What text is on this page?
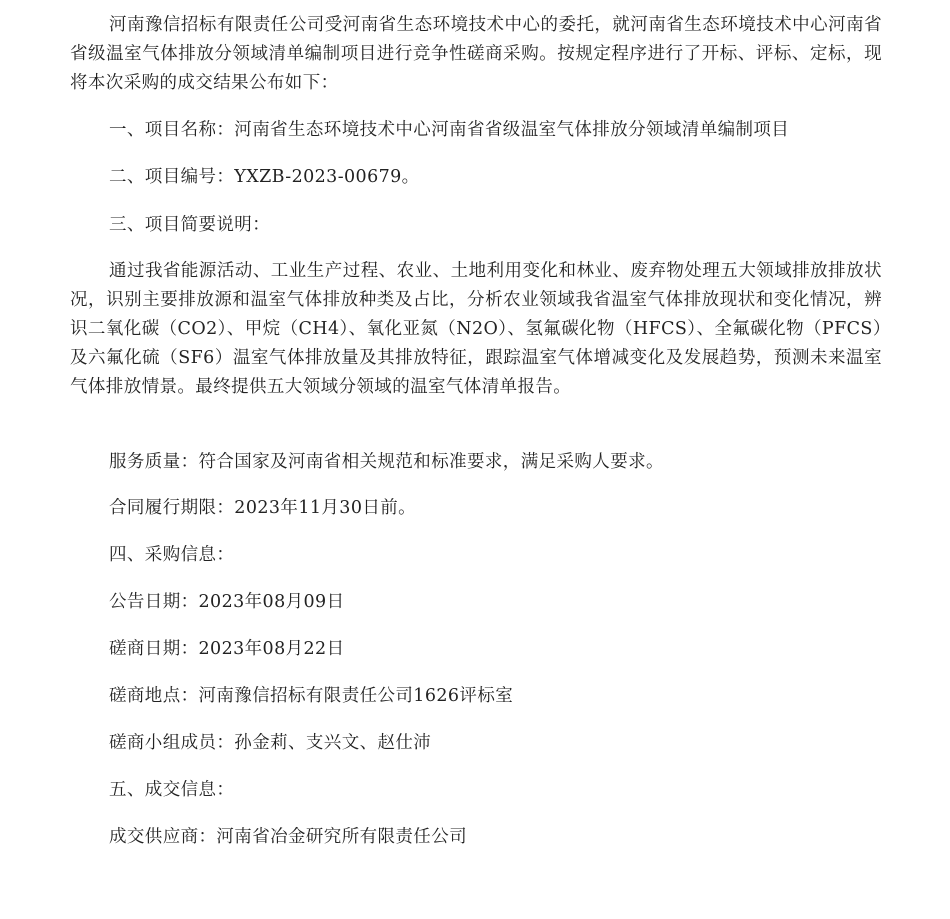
河南豫信招标有限责任公司受河南省生态环境技术中心的委托，就河南省生态环境技术中心河南省省级温室气体排放分领域清单编制项目进行竞争性磋商采购。按规定程序进行了开标、评标、定标，现将本次采购的成交结果公布如下：

一、项目名称：河南省生态环境技术中心河南省省级温室气体排放分领域清单编制项目

二、项目编号：YXZB-2023-00679。

三、项目简要说明：

通过我省能源活动、工业生产过程、农业、土地利用变化和林业、废弃物处理五大领域排放排放状况，识别主要排放源和温室气体排放种类及占比，分析农业领域我省温室气体排放现状和变化情况，辨识二氧化碳（CO2）、甲烷（CH4）、氧化亚氮（N2O）、氢氟碳化物（HFCS）、全氟碳化物（PFCS）及六氟化硫（SF6）温室气体排放量及其排放特征，跟踪温室气体增减变化及发展趋势，预测未来温室气体排放情景。最终提供五大领域分领域的温室气体清单报告。

服务质量：符合国家及河南省相关规范和标准要求，满足采购人要求。

合同履行期限：2023年11月30日前。

四、采购信息：

公告日期：2023年08月09日

磋商日期：2023年08月22日

磋商地点：河南豫信招标有限责任公司1626评标室

磋商小组成员：孙金莉、支兴文、赵仕沛

五、成交信息：

成交供应商：河南省冶金研究所有限责任公司
